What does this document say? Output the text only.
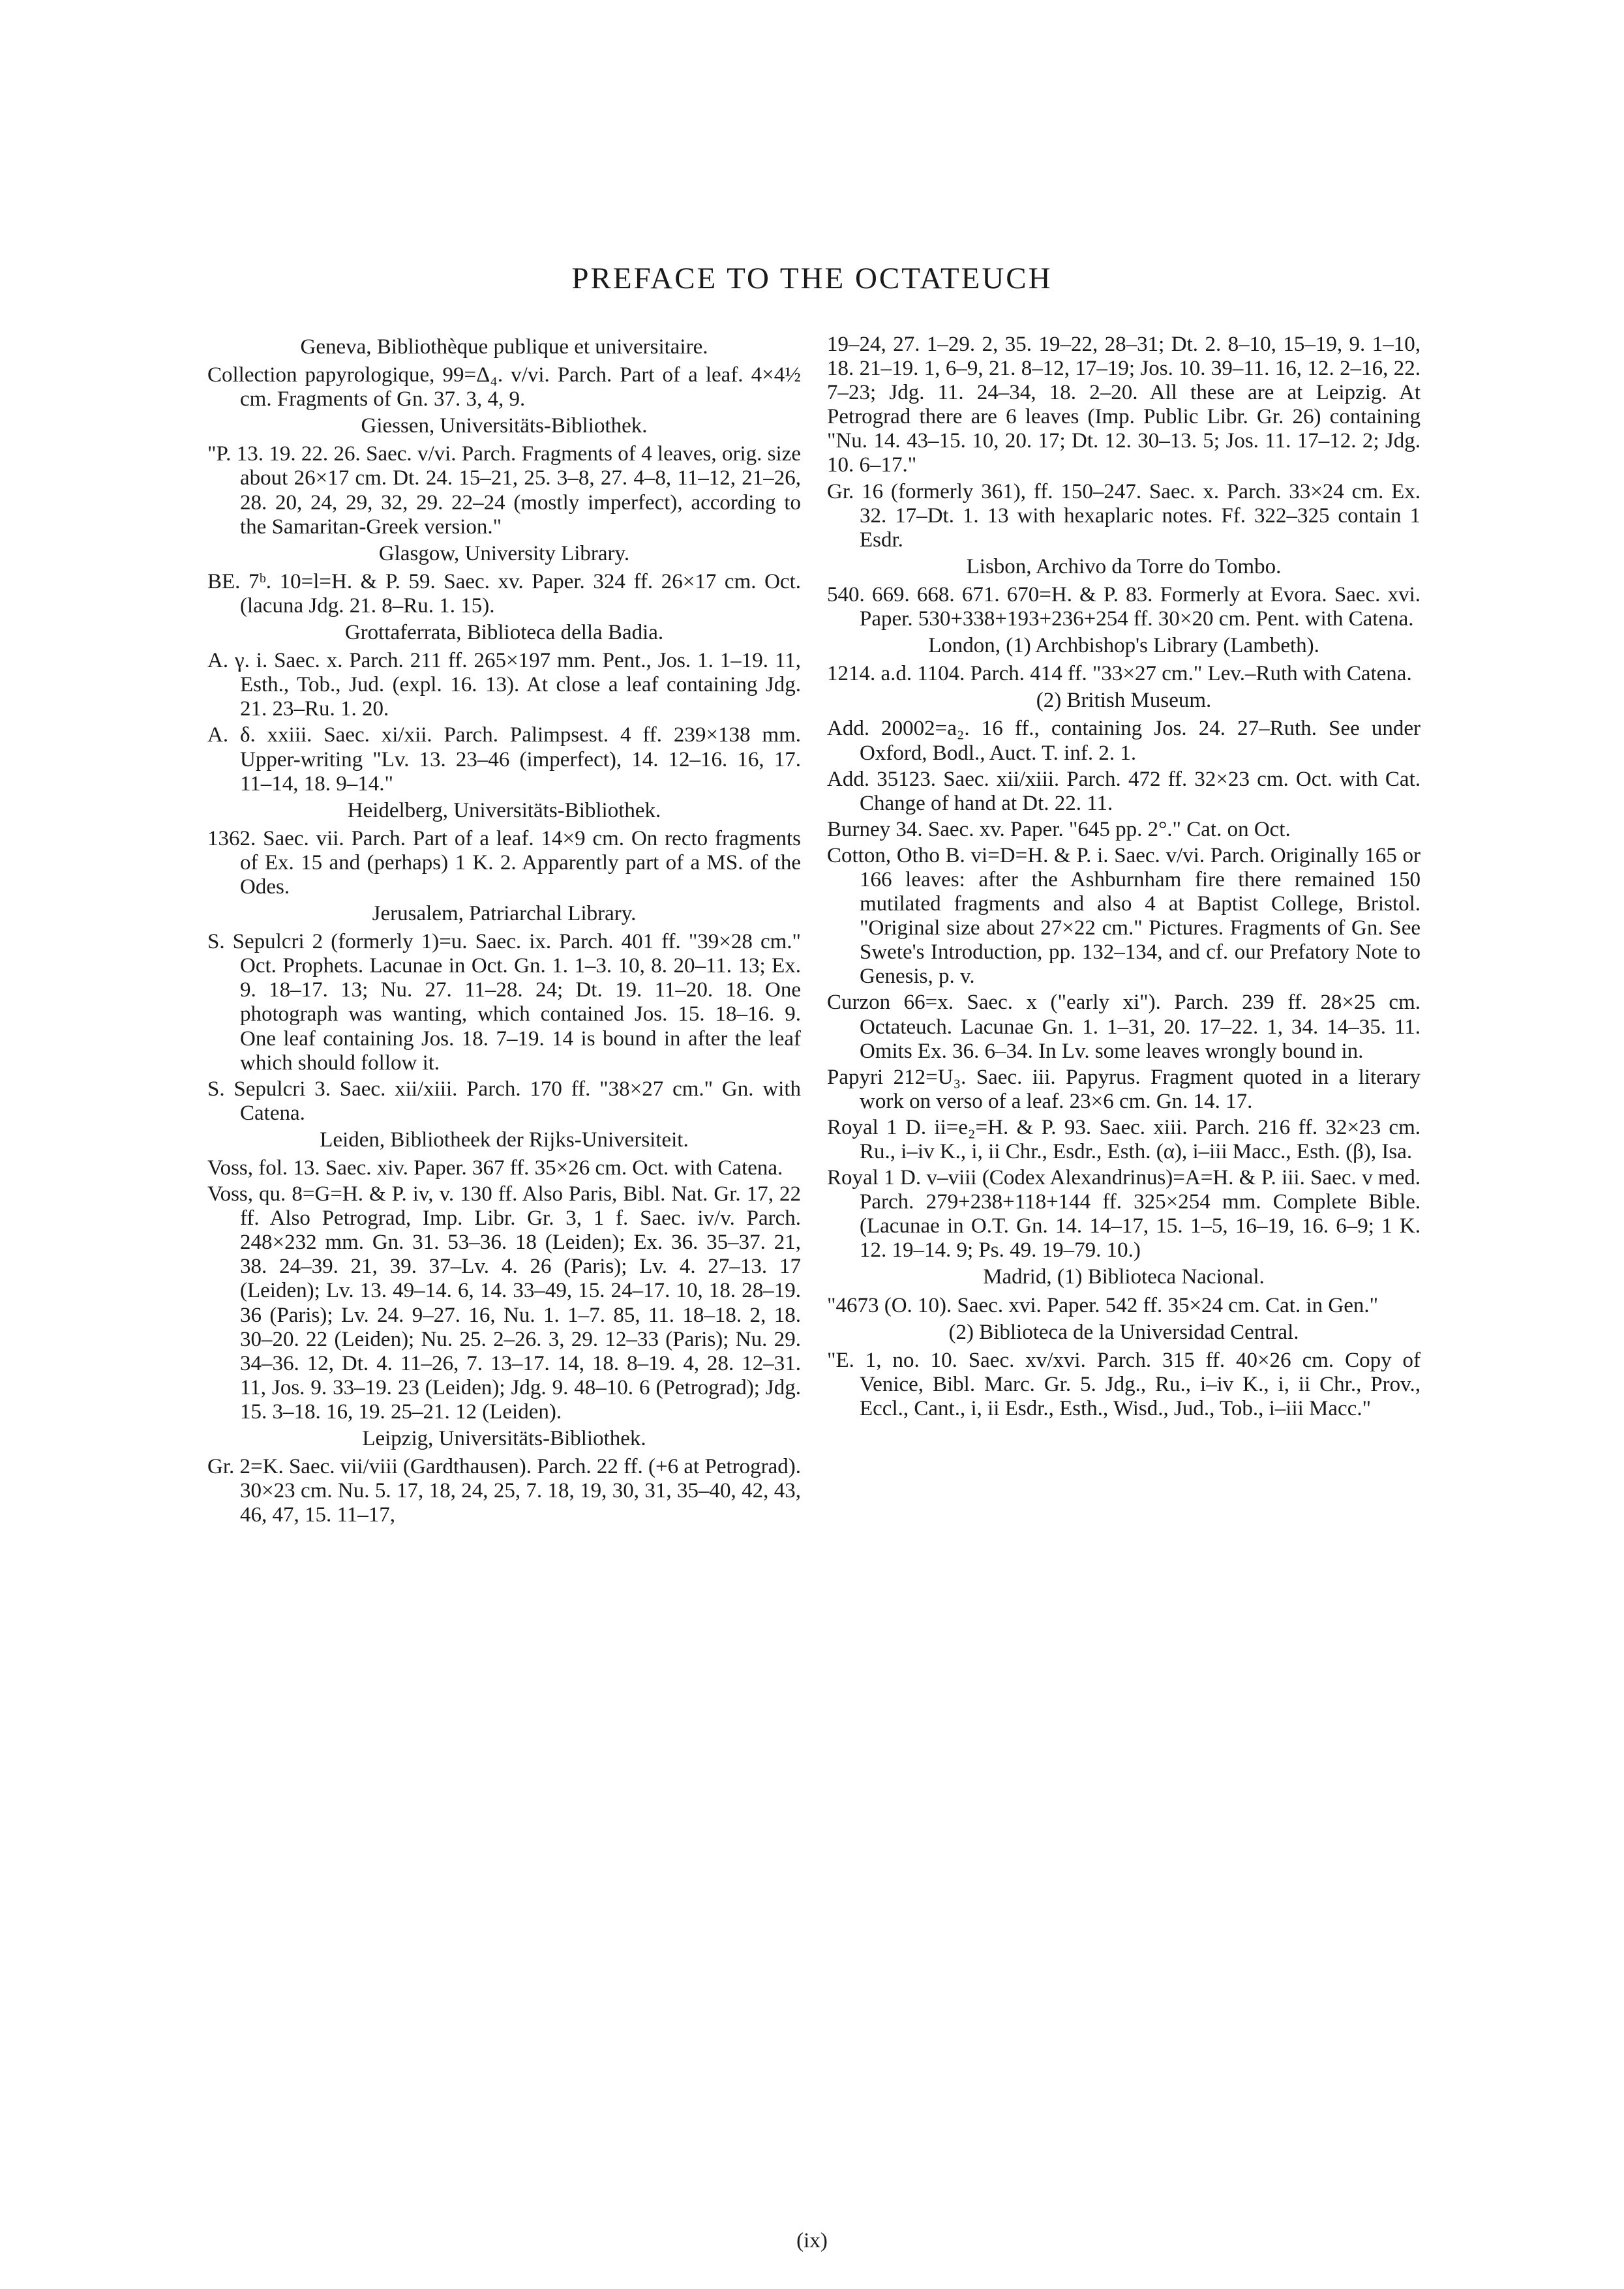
PREFACE TO THE OCTATEUCH
Geneva, Bibliothèque publique et universitaire.
Collection papyrologique, 99=Δ₄. v/vi. Parch. Part of a leaf. 4×4½ cm. Fragments of Gn. 37. 3, 4, 9.
Giessen, Universitäts-Bibliothek.
"P. 13. 19. 22. 26. Saec. v/vi. Parch. Fragments of 4 leaves, orig. size about 26×17 cm. Dt. 24. 15–21, 25. 3–8, 27. 4–8, 11–12, 21–26, 28. 20, 24, 29, 32, 29. 22–24 (mostly imperfect), according to the Samaritan-Greek version."
Glasgow, University Library.
BE. 7ᵇ. 10=l=H. & P. 59. Saec. xv. Paper. 324 ff. 26×17 cm. Oct. (lacuna Jdg. 21. 8–Ru. 1. 15).
Grottaferrata, Biblioteca della Badia.
A. γ. i. Saec. x. Parch. 211 ff. 265×197 mm. Pent., Jos. 1. 1–19. 11, Esth., Tob., Jud. (expl. 16. 13). At close a leaf containing Jdg. 21. 23–Ru. 1. 20.
A. δ. xxiii. Saec. xi/xii. Parch. Palimpsest. 4 ff. 239×138 mm. Upper-writing "Lv. 13. 23–46 (imperfect), 14. 12–16. 16, 17. 11–14, 18. 9–14."
Heidelberg, Universitäts-Bibliothek.
1362. Saec. vii. Parch. Part of a leaf. 14×9 cm. On recto fragments of Ex. 15 and (perhaps) 1 K. 2. Apparently part of a MS. of the Odes.
Jerusalem, Patriarchal Library.
S. Sepulcri 2 (formerly 1)=u. Saec. ix. Parch. 401 ff. "39×28 cm." Oct. Prophets. Lacunae in Oct. Gn. 1. 1–3. 10, 8. 20–11. 13; Ex. 9. 18–17. 13; Nu. 27. 11–28. 24; Dt. 19. 11–20. 18. One photograph was wanting, which contained Jos. 15. 18–16. 9. One leaf containing Jos. 18. 7–19. 14 is bound in after the leaf which should follow it.
S. Sepulcri 3. Saec. xii/xiii. Parch. 170 ff. "38×27 cm." Gn. with Catena.
Leiden, Bibliotheek der Rijks-Universiteit.
Voss, fol. 13. Saec. xiv. Paper. 367 ff. 35×26 cm. Oct. with Catena.
Voss, qu. 8=G=H. & P. iv, v. 130 ff. Also Paris, Bibl. Nat. Gr. 17, 22 ff. Also Petrograd, Imp. Libr. Gr. 3, 1 f. Saec. iv/v. Parch. 248×232 mm. Gn. 31. 53–36. 18 (Leiden); Ex. 36. 35–37. 21, 38. 24–39. 21, 39. 37–Lv. 4. 26 (Paris); Lv. 4. 27–13. 17 (Leiden); Lv. 13. 49–14. 6, 14. 33–49, 15. 24–17. 10, 18. 28–19. 36 (Paris); Lv. 24. 9–27. 16, Nu. 1. 1–7. 85, 11. 18–18. 2, 18. 30–20. 22 (Leiden); Nu. 25. 2–26. 3, 29. 12–33 (Paris); Nu. 29. 34–36. 12, Dt. 4. 11–26, 7. 13–17. 14, 18. 8–19. 4, 28. 12–31. 11, Jos. 9. 33–19. 23 (Leiden); Jdg. 9. 48–10. 6 (Petrograd); Jdg. 15. 3–18. 16, 19. 25–21. 12 (Leiden).
Leipzig, Universitäts-Bibliothek.
Gr. 2=K. Saec. vii/viii (Gardthausen). Parch. 22 ff. (+6 at Petrograd). 30×23 cm. Nu. 5. 17, 18, 24, 25, 7. 18, 19, 30, 31, 35–40, 42, 43, 46, 47, 15. 11–17,
19–24, 27. 1–29. 2, 35. 19–22, 28–31; Dt. 2. 8–10, 15–19, 9. 1–10, 18. 21–19. 1, 6–9, 21. 8–12, 17–19; Jos. 10. 39–11. 16, 12. 2–16, 22. 7–23; Jdg. 11. 24–34, 18. 2–20. All these are at Leipzig. At Petrograd there are 6 leaves (Imp. Public Libr. Gr. 26) containing "Nu. 14. 43–15. 10, 20. 17; Dt. 12. 30–13. 5; Jos. 11. 17–12. 2; Jdg. 10. 6–17."
Gr. 16 (formerly 361), ff. 150–247. Saec. x. Parch. 33×24 cm. Ex. 32. 17–Dt. 1. 13 with hexaplaric notes. Ff. 322–325 contain 1 Esdr.
Lisbon, Archivo da Torre do Tombo.
540. 669. 668. 671. 670=H. & P. 83. Formerly at Evora. Saec. xvi. Paper. 530+338+193+236+254 ff. 30×20 cm. Pent. with Catena.
London, (1) Archbishop's Library (Lambeth).
1214. a.d. 1104. Parch. 414 ff. "33×27 cm." Lev.–Ruth with Catena.
(2) British Museum.
Add. 20002=a₂. 16 ff., containing Jos. 24. 27–Ruth. See under Oxford, Bodl., Auct. T. inf. 2. 1.
Add. 35123. Saec. xii/xiii. Parch. 472 ff. 32×23 cm. Oct. with Cat. Change of hand at Dt. 22. 11.
Burney 34. Saec. xv. Paper. "645 pp. 2°." Cat. on Oct.
Cotton, Otho B. vi=D=H. & P. i. Saec. v/vi. Parch. Originally 165 or 166 leaves: after the Ashburnham fire there remained 150 mutilated fragments and also 4 at Baptist College, Bristol. "Original size about 27×22 cm." Pictures. Fragments of Gn. See Swete's Introduction, pp. 132–134, and cf. our Prefatory Note to Genesis, p. v.
Curzon 66=x. Saec. x ("early xi"). Parch. 239 ff. 28×25 cm. Octateuch. Lacunae Gn. 1. 1–31, 20. 17–22. 1, 34. 14–35. 11. Omits Ex. 36. 6–34. In Lv. some leaves wrongly bound in.
Papyri 212=U₃. Saec. iii. Papyrus. Fragment quoted in a literary work on verso of a leaf. 23×6 cm. Gn. 14. 17.
Royal 1 D. ii=e₂=H. & P. 93. Saec. xiii. Parch. 216 ff. 32×23 cm. Ru., i–iv K., i, ii Chr., Esdr., Esth. (α), i–iii Macc., Esth. (β), Isa.
Royal 1 D. v–viii (Codex Alexandrinus)=A=H. & P. iii. Saec. v med. Parch. 279+238+118+144 ff. 325×254 mm. Complete Bible. (Lacunae in O.T. Gn. 14. 14–17, 15. 1–5, 16–19, 16. 6–9; 1 K. 12. 19–14. 9; Ps. 49. 19–79. 10.)
Madrid, (1) Biblioteca Nacional.
"4673 (O. 10). Saec. xvi. Paper. 542 ff. 35×24 cm. Cat. in Gen."
(2) Biblioteca de la Universidad Central.
"E. 1, no. 10. Saec. xv/xvi. Parch. 315 ff. 40×26 cm. Copy of Venice, Bibl. Marc. Gr. 5. Jdg., Ru., i–iv K., i, ii Chr., Prov., Eccl., Cant., i, ii Esdr., Esth., Wisd., Jud., Tob., i–iii Macc."
(ix)
